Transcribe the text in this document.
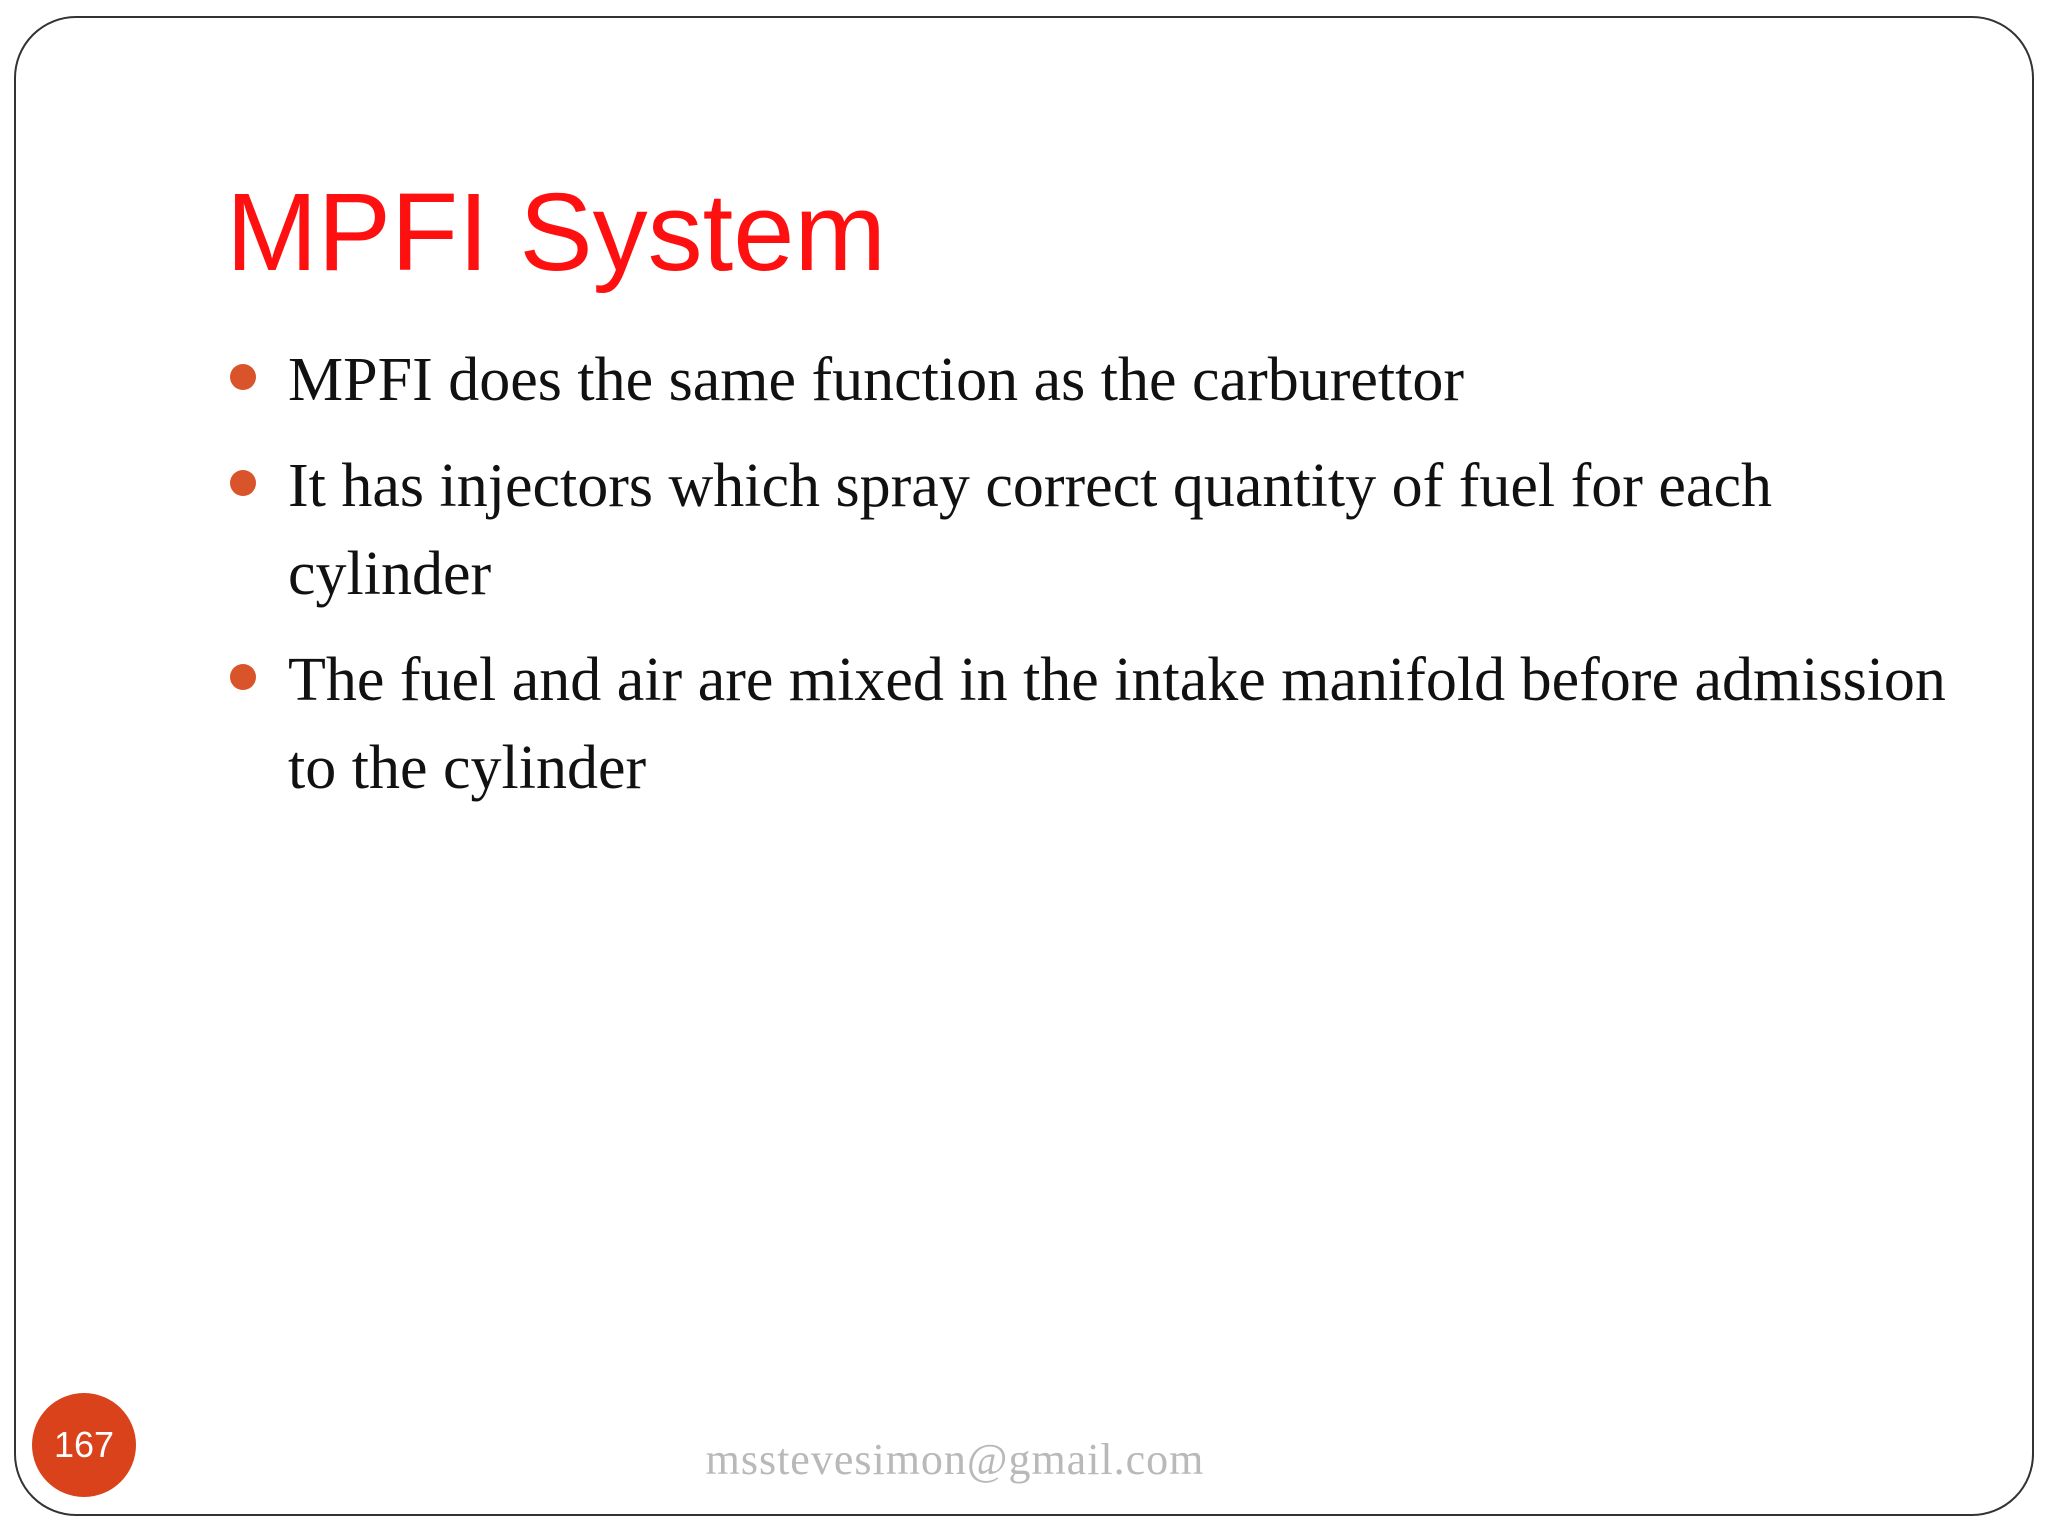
MPFI System
MPFI does the same function as the carburettor
It has injectors which spray correct quantity of fuel for each cylinder
The fuel and air are mixed in the intake manifold before admission to the cylinder
167	msstevesimon@gmail.com
